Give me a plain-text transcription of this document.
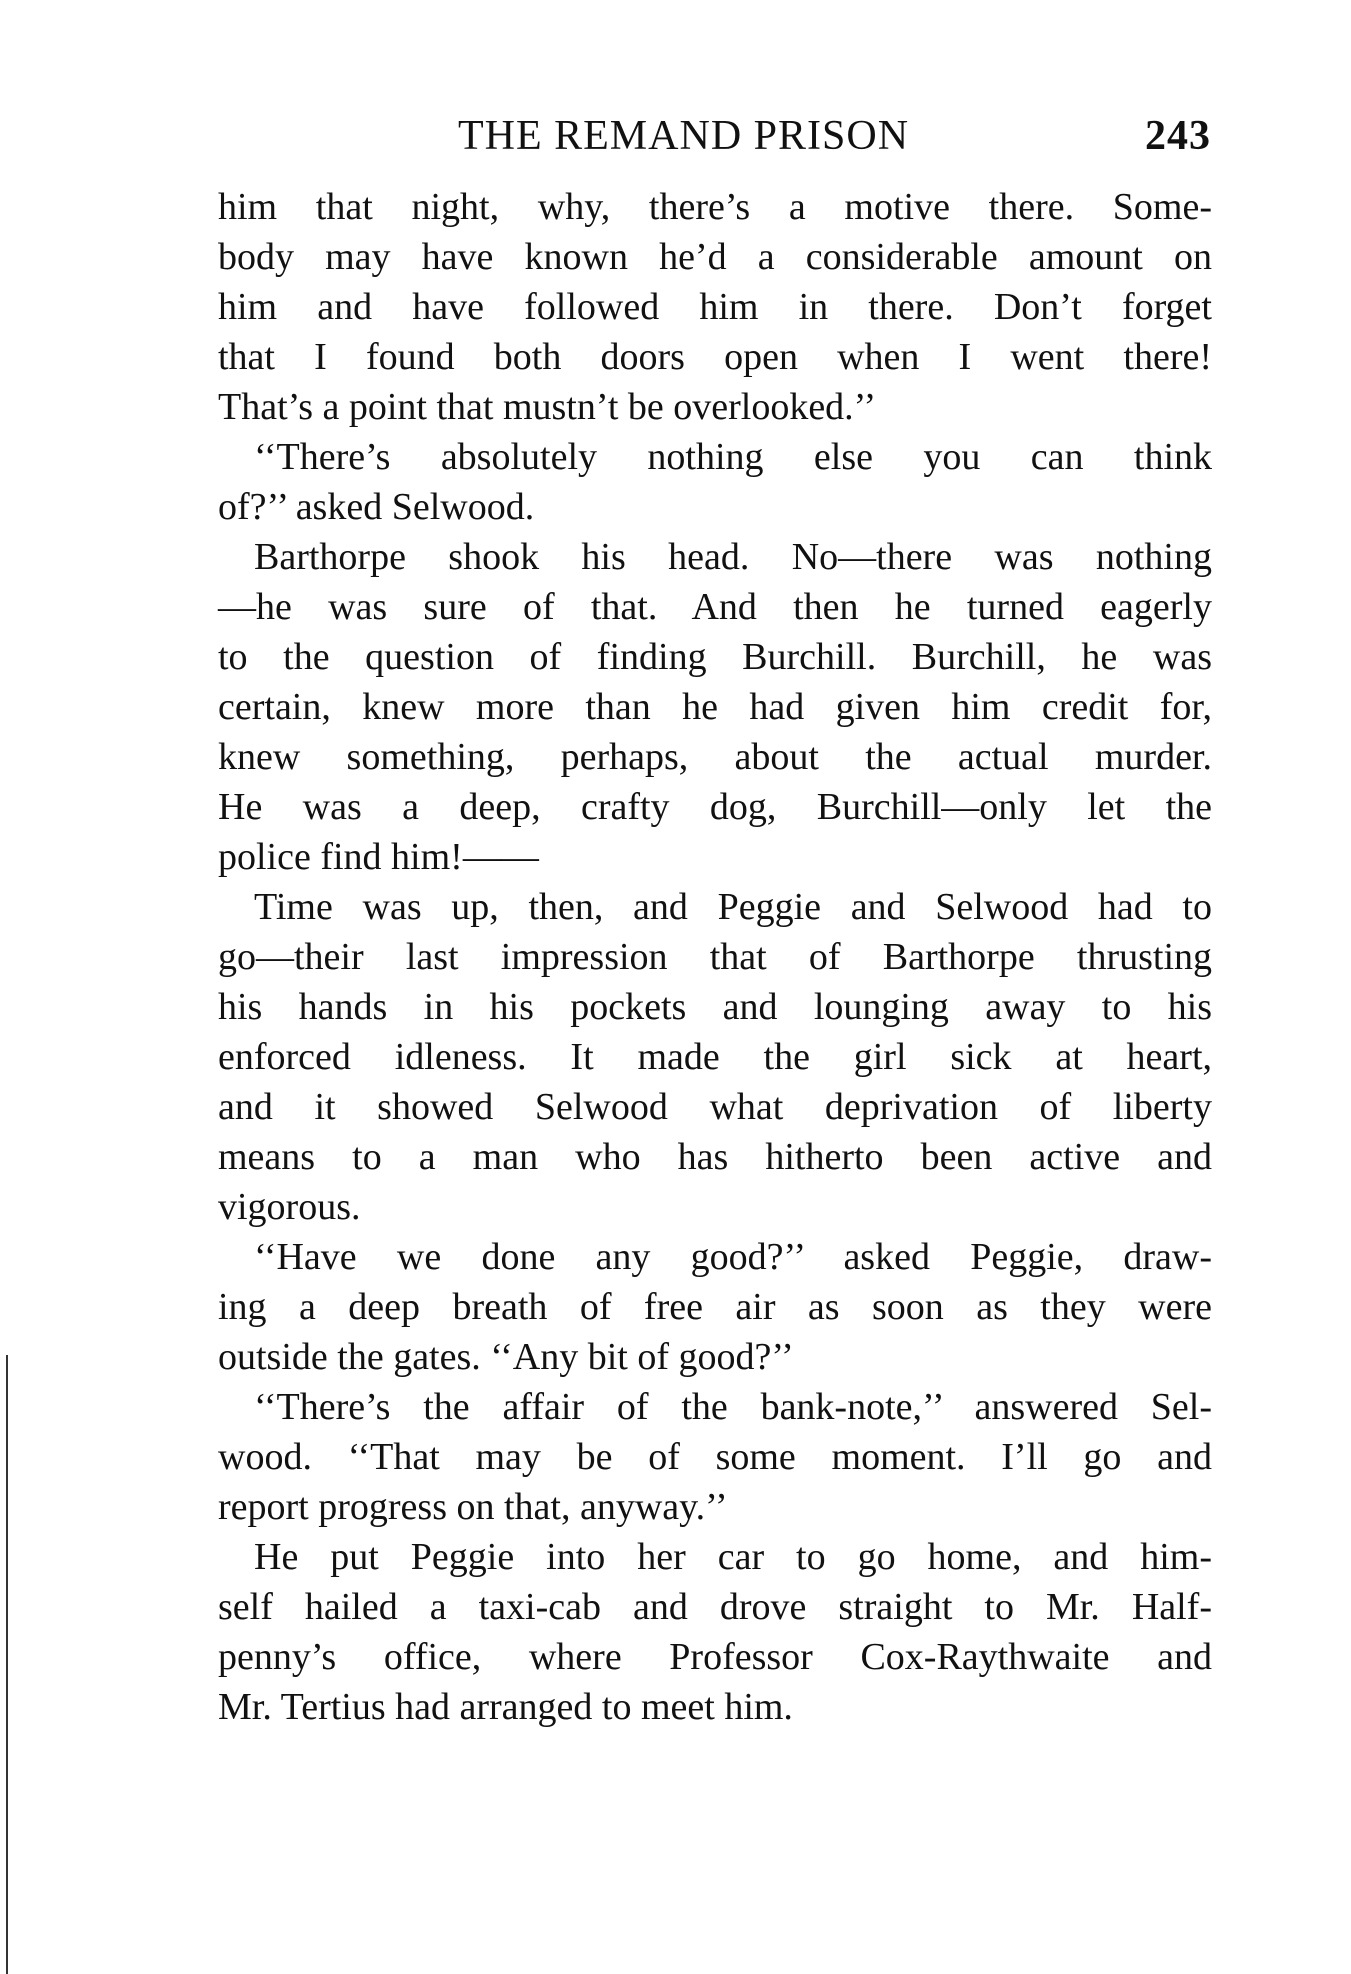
THE REMAND PRISON	243
him that night, why, there’s a motive there. Some-
body may have known he’d a considerable amount on
him and have followed him in there. Don’t forget
that I found both doors open when I went there!
That’s a point that mustn’t be overlooked.’’
‘‘There’s absolutely nothing else you can think
of?’’ asked Selwood.
Barthorpe shook his head. No—there was nothing
—he was sure of that. And then he turned eagerly
to the question of finding Burchill. Burchill, he was
certain, knew more than he had given him credit for,
knew something, perhaps, about the actual murder.
He was a deep, crafty dog, Burchill—only let the
police find him!——
Time was up, then, and Peggie and Selwood had to
go—their last impression that of Barthorpe thrusting
his hands in his pockets and lounging away to his
enforced idleness. It made the girl sick at heart,
and it showed Selwood what deprivation of liberty
means to a man who has hitherto been active and
vigorous.
‘‘Have we done any good?’’ asked Peggie, draw-
ing a deep breath of free air as soon as they were
outside the gates. ‘‘Any bit of good?’’
‘‘There’s the affair of the bank-note,’’ answered Sel-
wood. ‘‘That may be of some moment. I’ll go and
report progress on that, anyway.’’
He put Peggie into her car to go home, and him-
self hailed a taxi-cab and drove straight to Mr. Half-
penny’s office, where Professor Cox-Raythwaite and
Mr. Tertius had arranged to meet him.
